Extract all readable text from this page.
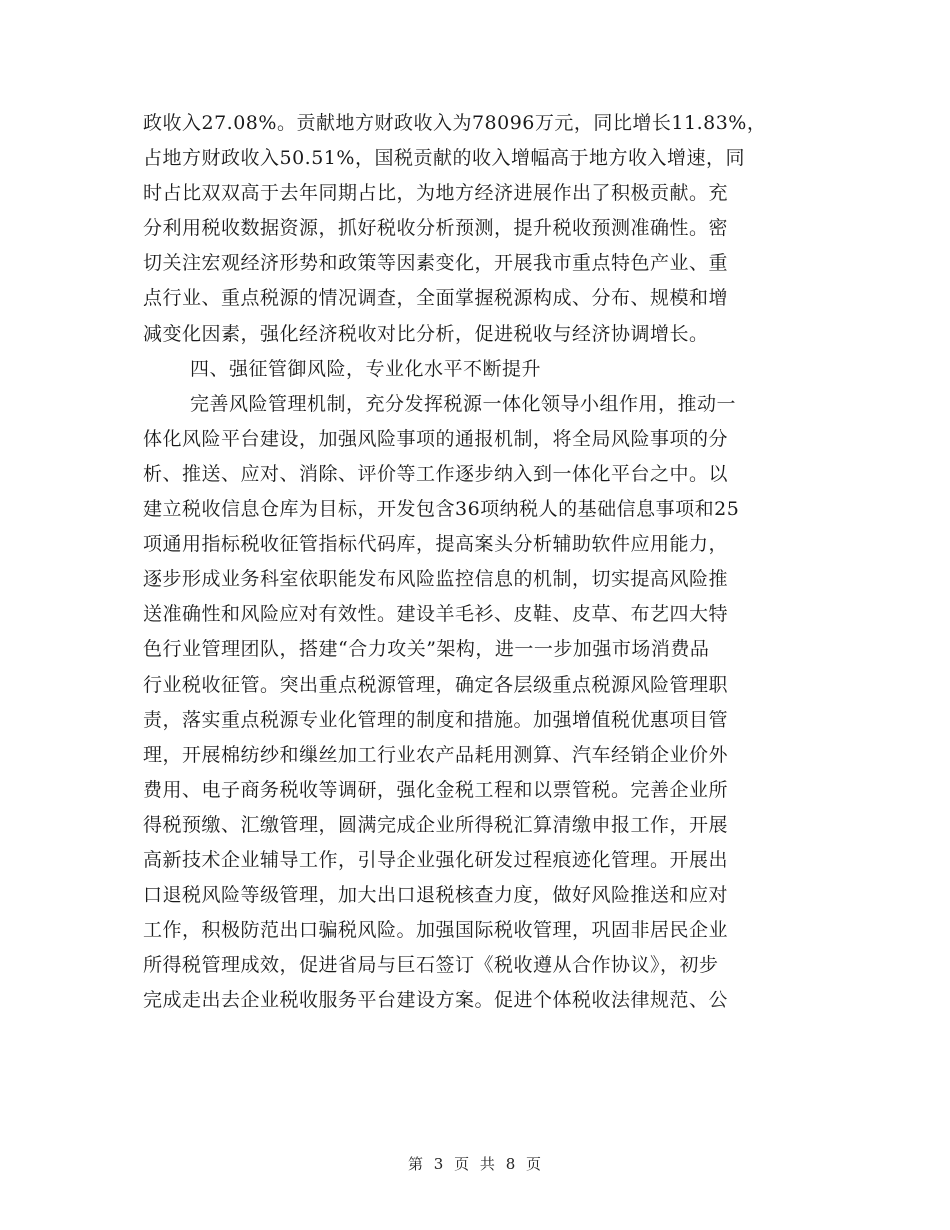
政收入27.08%。贡献地方财政收入为78096万元，同比增长11.83%，
占地方财政收入50.51%，国税贡献的收入增幅高于地方收入增速，同
时占比双双高于去年同期占比，为地方经济进展作出了积极贡献。充
分利用税收数据资源，抓好税收分析预测，提升税收预测准确性。密
切关注宏观经济形势和政策等因素变化，开展我市重点特色产业、重
点行业、重点税源的情况调查，全面掌握税源构成、分布、规模和增
减变化因素，强化经济税收对比分析，促进税收与经济协调增长。
四、强征管御风险，专业化水平不断提升
完善风险管理机制，充分发挥税源一体化领导小组作用，推动一
体化风险平台建设，加强风险事项的通报机制，将全局风险事项的分
析、推送、应对、消除、评价等工作逐步纳入到一体化平台之中。以
建立税收信息仓库为目标，开发包含36项纳税人的基础信息事项和25
项通用指标税收征管指标代码库，提高案头分析辅助软件应用能力，
逐步形成业务科室依职能发布风险监控信息的机制，切实提高风险推
送准确性和风险应对有效性。建设羊毛衫、皮鞋、皮草、布艺四大特
色行业管理团队，搭建“合力攻关”架构，进一一步加强市场消费品
行业税收征管。突出重点税源管理，确定各层级重点税源风险管理职
责，落实重点税源专业化管理的制度和措施。加强增值税优惠项目管
理，开展棉纺纱和缫丝加工行业农产品耗用测算、汽车经销企业价外
费用、电子商务税收等调研，强化金税工程和以票管税。完善企业所
得税预缴、汇缴管理，圆满完成企业所得税汇算清缴申报工作，开展
高新技术企业辅导工作，引导企业强化研发过程痕迹化管理。开展出
口退税风险等级管理，加大出口退税核查力度，做好风险推送和应对
工作，积极防范出口骗税风险。加强国际税收管理，巩固非居民企业
所得税管理成效，促进省局与巨石签订《税收遵从合作协议》，初步
完成走出去企业税收服务平台建设方案。促进个体税收法律规范、公
第 3 页 共 8 页
